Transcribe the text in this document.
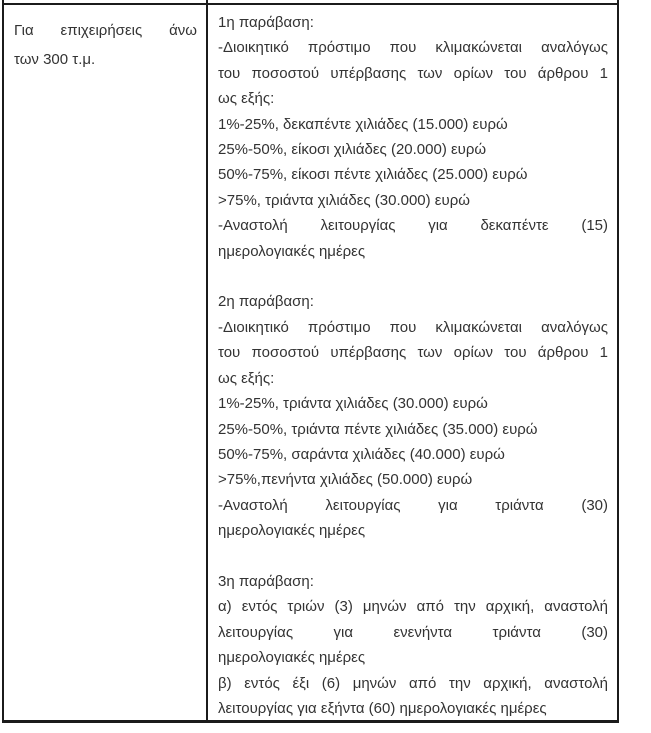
Για επιχειρήσεις άνω
των 300 τ.μ.
1η παράβαση:
-Διοικητικό πρόστιμο που κλιμακώνεται αναλόγως
του ποσοστού υπέρβασης των ορίων του άρθρου 1
ως εξής:
1%-25%, δεκαπέντε χιλιάδες (15.000) ευρώ
25%-50%, είκοσι χιλιάδες (20.000) ευρώ
50%-75%, είκοσι πέντε χιλιάδες (25.000) ευρώ
>75%, τριάντα χιλιάδες (30.000) ευρώ
-Αναστολή λειτουργίας για δεκαπέντε (15)
ημερολογιακές ημέρες

2η παράβαση:
-Διοικητικό πρόστιμο που κλιμακώνεται αναλόγως
του ποσοστού υπέρβασης των ορίων του άρθρου 1
ως εξής:
1%-25%, τριάντα χιλιάδες (30.000) ευρώ
25%-50%, τριάντα πέντε χιλιάδες (35.000) ευρώ
50%-75%, σαράντα χιλιάδες (40.000) ευρώ
>75%,πενήντα χιλιάδες (50.000) ευρώ
-Αναστολή λειτουργίας για τριάντα (30)
ημερολογιακές ημέρες

3η παράβαση:
α) εντός τριών (3) μηνών από την αρχική, αναστολή
λειτουργίας για ενενήντα τριάντα (30)
ημερολογιακές ημέρες
β) εντός έξι (6) μηνών από την αρχική, αναστολή
λειτουργίας για εξήντα (60) ημερολογιακές ημέρες
